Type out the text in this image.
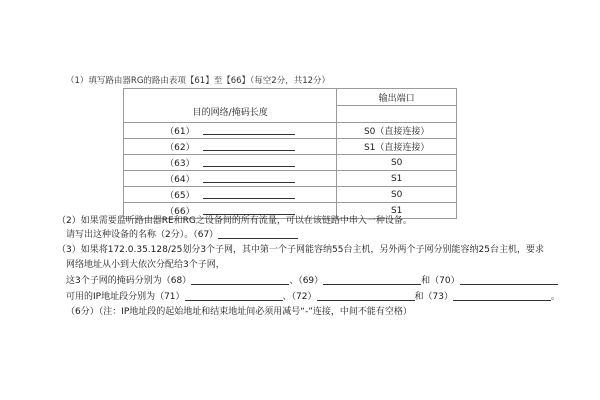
（1）填写路由器RG的路由表项【61】至【66】（每空2分，共12分）
目的网络/掩码长度	输出端口

（61）	S0（直接连接）
（62）	S1（直接连接）
（63）	S0
（64）	S1
（65）	S0
（66）	S1
（2）如果需要监听路由器RE和RG之设备间的所有流量，可以在该链路中串入一种设备。
请写出这种设备的名称（2分）。（67）
（3）如果将172.0.35.128/25划分3个子网，其中第一个子网能容纳55台主机，另外两个子网分别能容纳25台主机，要求
网络地址从小到大依次分配给3个子网，
这3个子网的掩码分别为（68）	、（69）	和（70）
可用的IP地址段分别为（71）	、（72）	和（73）	。
（6分）（注：IP地址段的起始地址和结束地址间必须用减号“-”连接，中间不能有空格）
